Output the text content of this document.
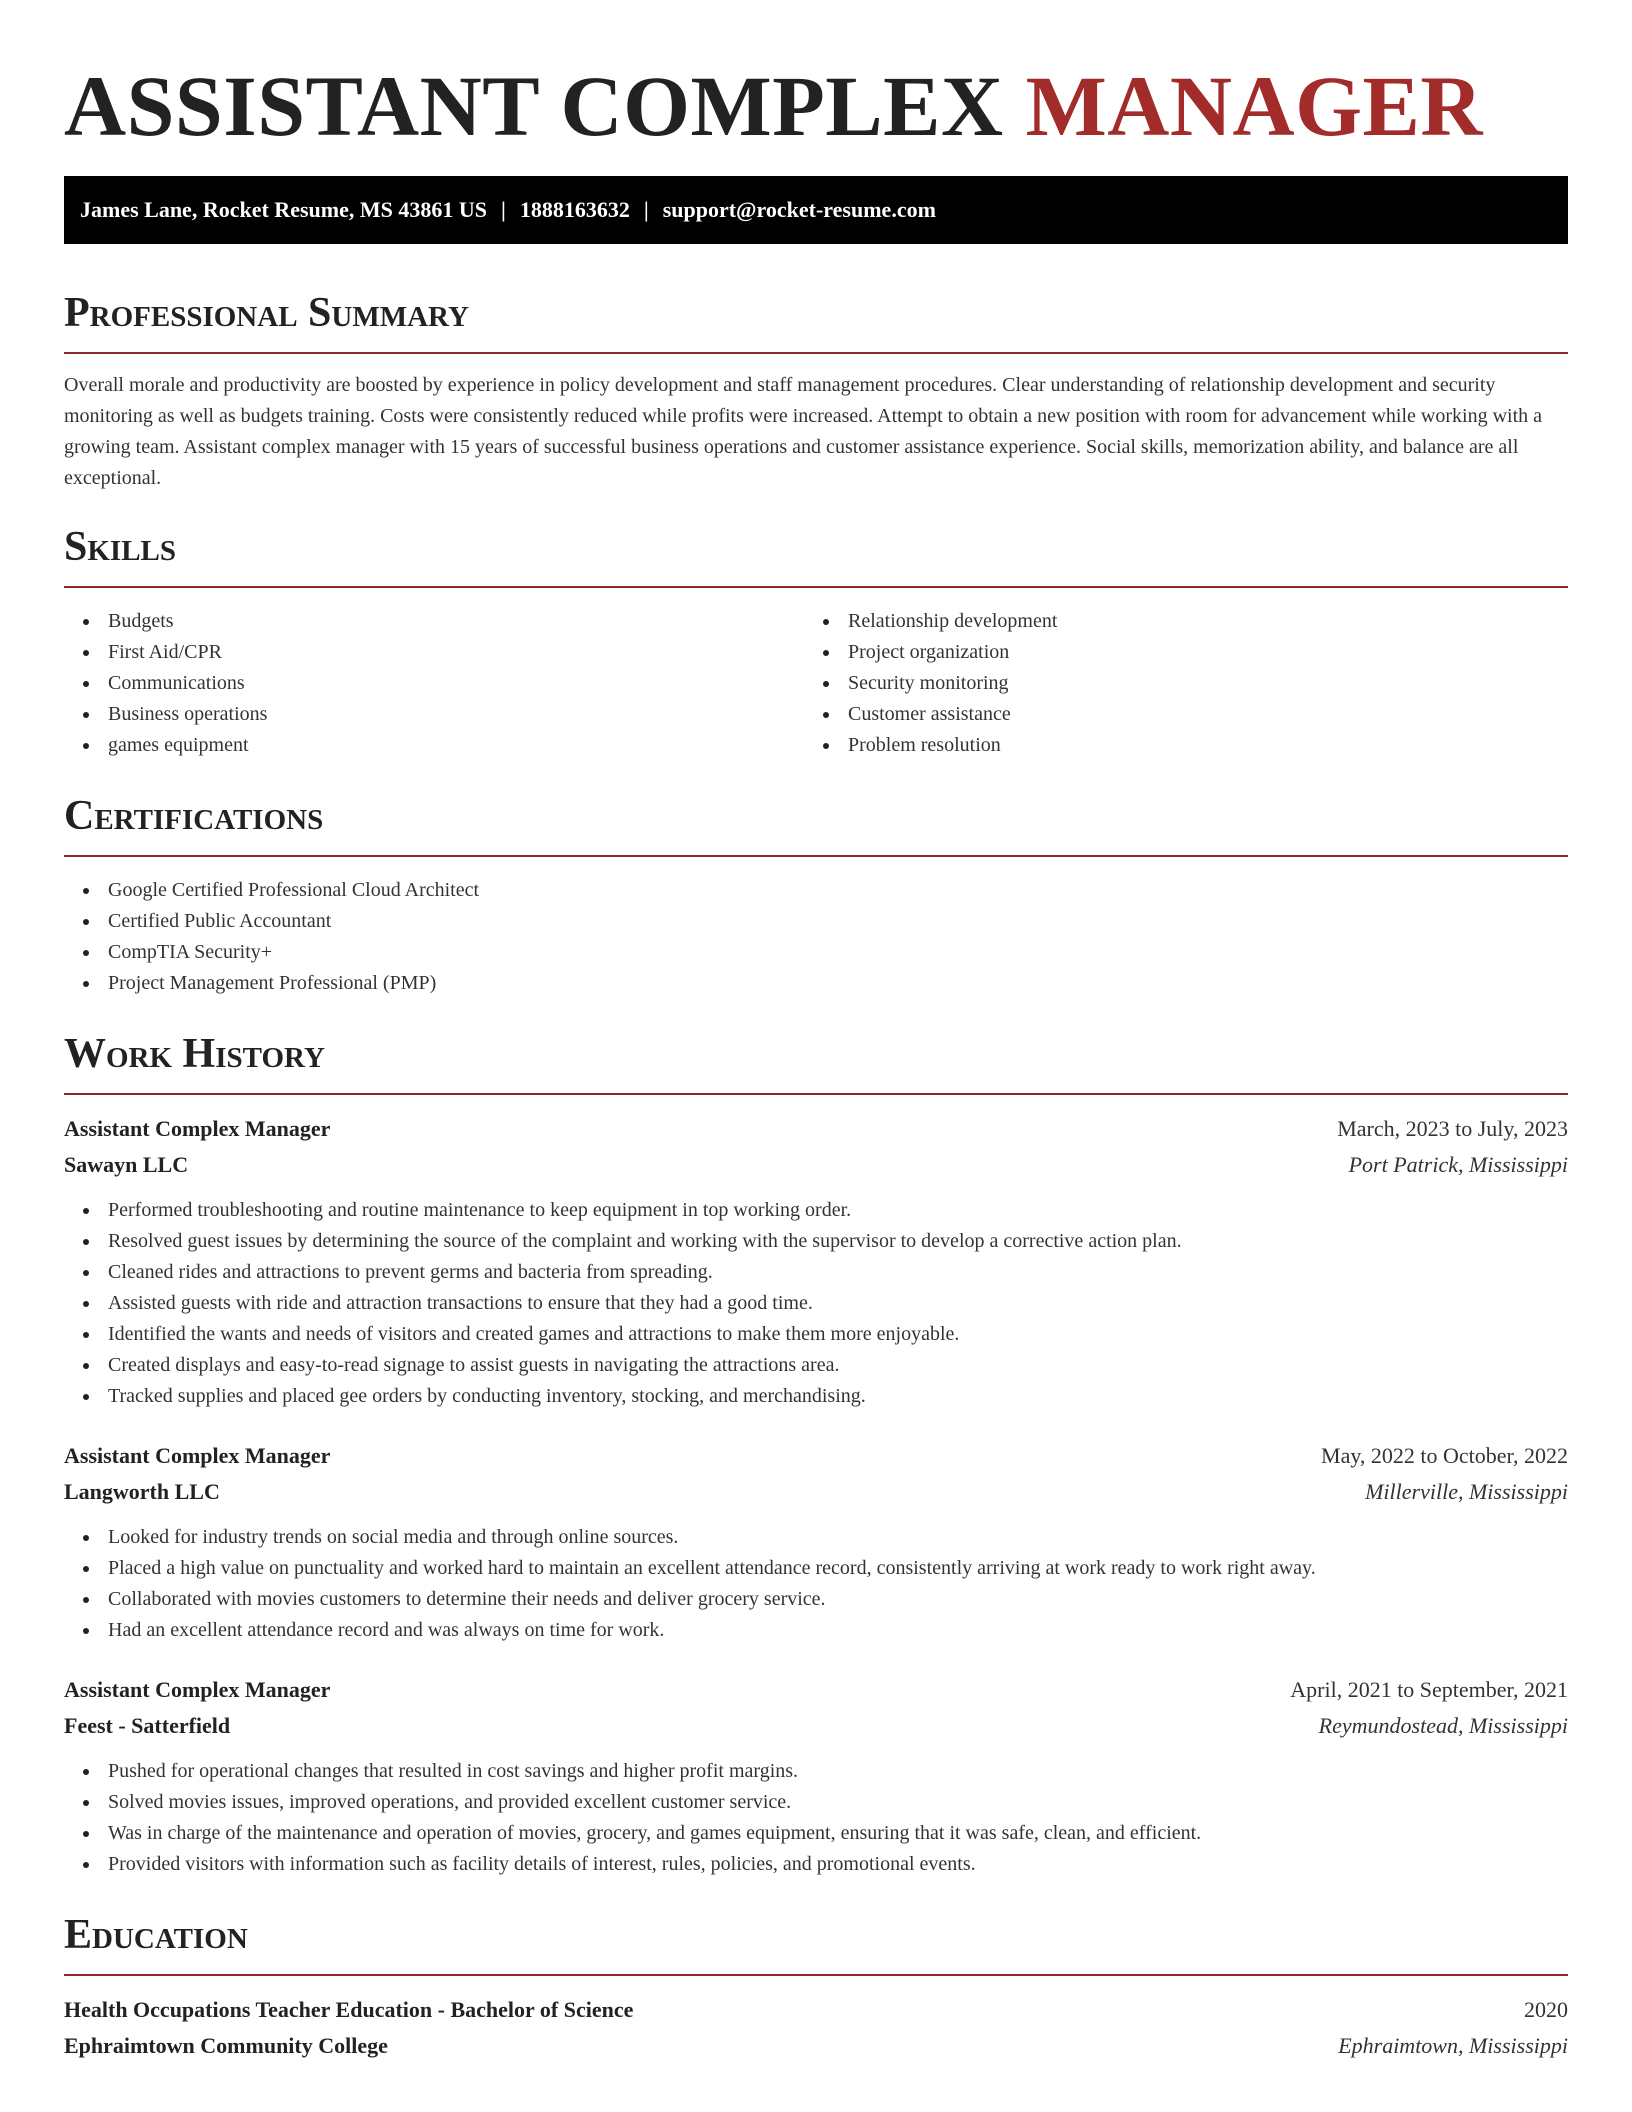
ASSISTANT COMPLEX MANAGER
James Lane, Rocket Resume, MS 43861 US | 1888163632 | support@rocket-resume.com
Professional Summary

Overall morale and productivity are boosted by experience in policy development and staff management procedures. Clear understanding of relationship development and security monitoring as well as budgets training. Costs were consistently reduced while profits were increased. Attempt to obtain a new position with room for advancement while working with a growing team. Assistant complex manager with 15 years of successful business operations and customer assistance experience. Social skills, memorization ability, and balance are all exceptional.

Skills
Budgets
First Aid/CPR
Communications
Business operations
games equipment
Relationship development
Project organization
Security monitoring
Customer assistance
Problem resolution
Certifications
Google Certified Professional Cloud Architect
Certified Public Accountant
CompTIA Security+
Project Management Professional (PMP)
Work History
Assistant Complex Manager	March, 2023 to July, 2023
Sawayn LLC	Port Patrick, Mississippi
Performed troubleshooting and routine maintenance to keep equipment in top working order.
Resolved guest issues by determining the source of the complaint and working with the supervisor to develop a corrective action plan.
Cleaned rides and attractions to prevent germs and bacteria from spreading.
Assisted guests with ride and attraction transactions to ensure that they had a good time.
Identified the wants and needs of visitors and created games and attractions to make them more enjoyable.
Created displays and easy-to-read signage to assist guests in navigating the attractions area.
Tracked supplies and placed gee orders by conducting inventory, stocking, and merchandising.
Assistant Complex Manager	May, 2022 to October, 2022
Langworth LLC	Millerville, Mississippi
Looked for industry trends on social media and through online sources.
Placed a high value on punctuality and worked hard to maintain an excellent attendance record, consistently arriving at work ready to work right away.
Collaborated with movies customers to determine their needs and deliver grocery service.
Had an excellent attendance record and was always on time for work.
Assistant Complex Manager	April, 2021 to September, 2021
Feest - Satterfield	Reymundostead, Mississippi
Pushed for operational changes that resulted in cost savings and higher profit margins.
Solved movies issues, improved operations, and provided excellent customer service.
Was in charge of the maintenance and operation of movies, grocery, and games equipment, ensuring that it was safe, clean, and efficient.
Provided visitors with information such as facility details of interest, rules, policies, and promotional events.
Education
Health Occupations Teacher Education - Bachelor of Science	2020
Ephraimtown Community College	Ephraimtown, Mississippi
